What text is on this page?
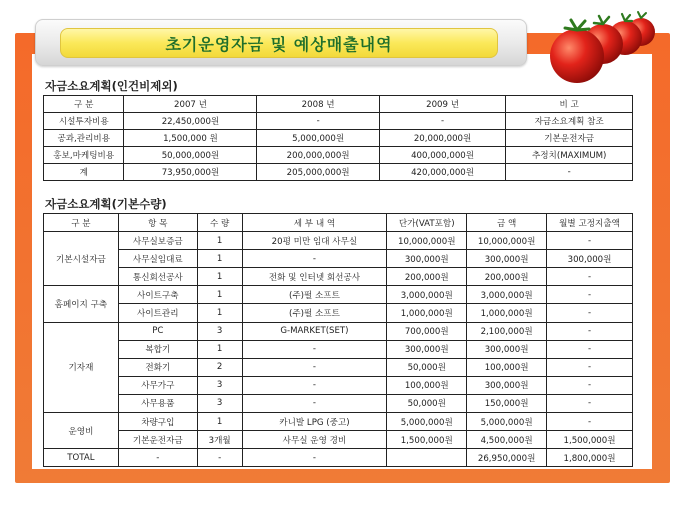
초기운영자금 및 예상매출내역
자금소요계획(인건비제외)
구 분	2007 년	2008 년	2009 년	비 고
시설투자비용	22,450,000원	-	-	자금소요계획 참조
공과,관리비용	1,500,000 원	5,000,000원	20,000,000원	기본운전자금
홍보,마케팅비용	50,000,000원	200,000,000원	400,000,000원	추정치(MAXIMUM)
계	73,950,000원	205,000,000원	420,000,000원	-
자금소요계획(기본수량)
구 분	항 목	수 량	세 부 내 역	단가(VAT포함)	금 액	월별 고정지출액
기본시설자금	사무실보증금	1	20평 미만 임대 사무실	10,000,000원	10,000,000원	-
	사무실임대료	1	-	300,000원	300,000원	300,000원
	통신회선공사	1	전화 및 인터넷 회선공사	200,000원	200,000원	-
홈페이지 구축	사이트구축	1	(주)펄 소프트	3,000,000원	3,000,000원	-
	사이트관리	1	(주)펄 소프트	1,000,000원	1,000,000원	-
기자재	PC	3	G-MARKET(SET)	700,000원	2,100,000원	-
	복합기	1	-	300,000원	300,000원	-
	전화기	2	-	50,000원	100,000원	-
	사무가구	3	-	100,000원	300,000원	-
	사무용품	3	-	50,000원	150,000원	-
운영비	차량구입	1	카니발 LPG (중고)	5,000,000원	5,000,000원	-
	기본운전자금	3개월	사무실 운영 경비	1,500,000원	4,500,000원	1,500,000원
TOTAL	-	-	-		26,950,000원	1,800,000원
